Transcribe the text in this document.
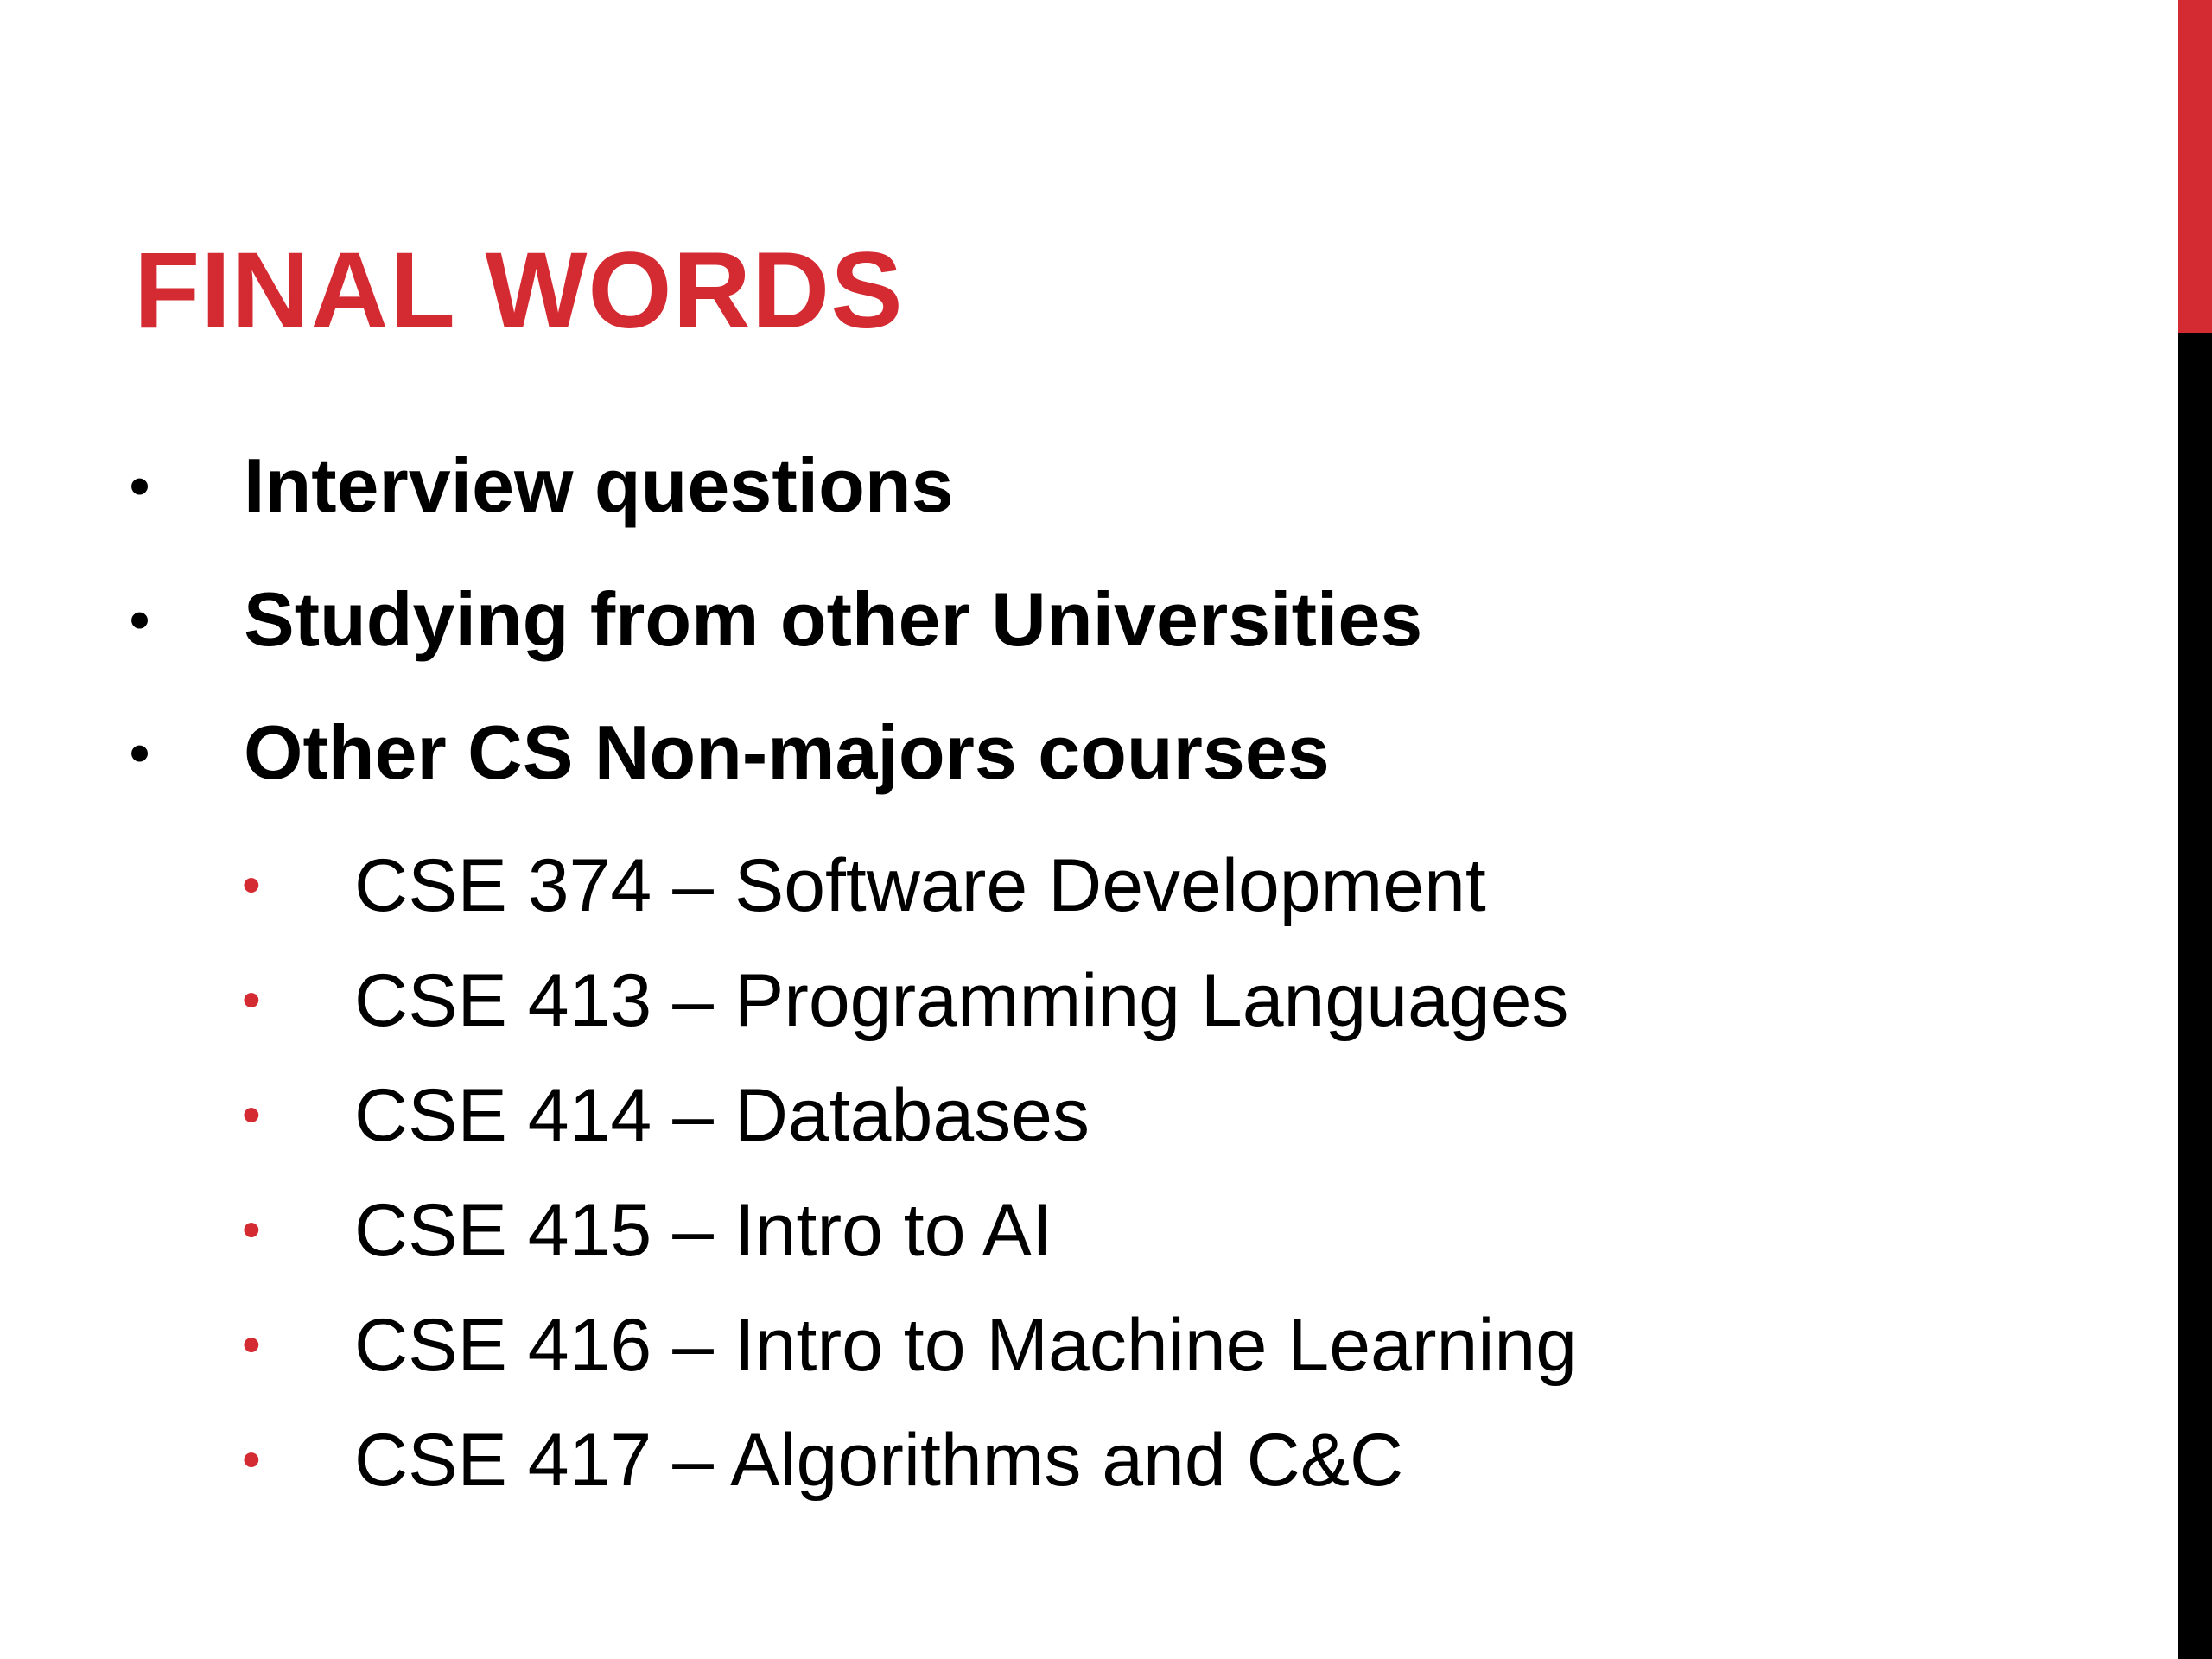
FINAL WORDS
• Interview questions
• Studying from other Universities
• Other CS Non-majors courses
• CSE 374 – Software Development
• CSE 413 – Programming Languages
• CSE 414 – Databases
• CSE 415 – Intro to AI
• CSE 416 – Intro to Machine Learning
• CSE 417 – Algorithms and C&C
